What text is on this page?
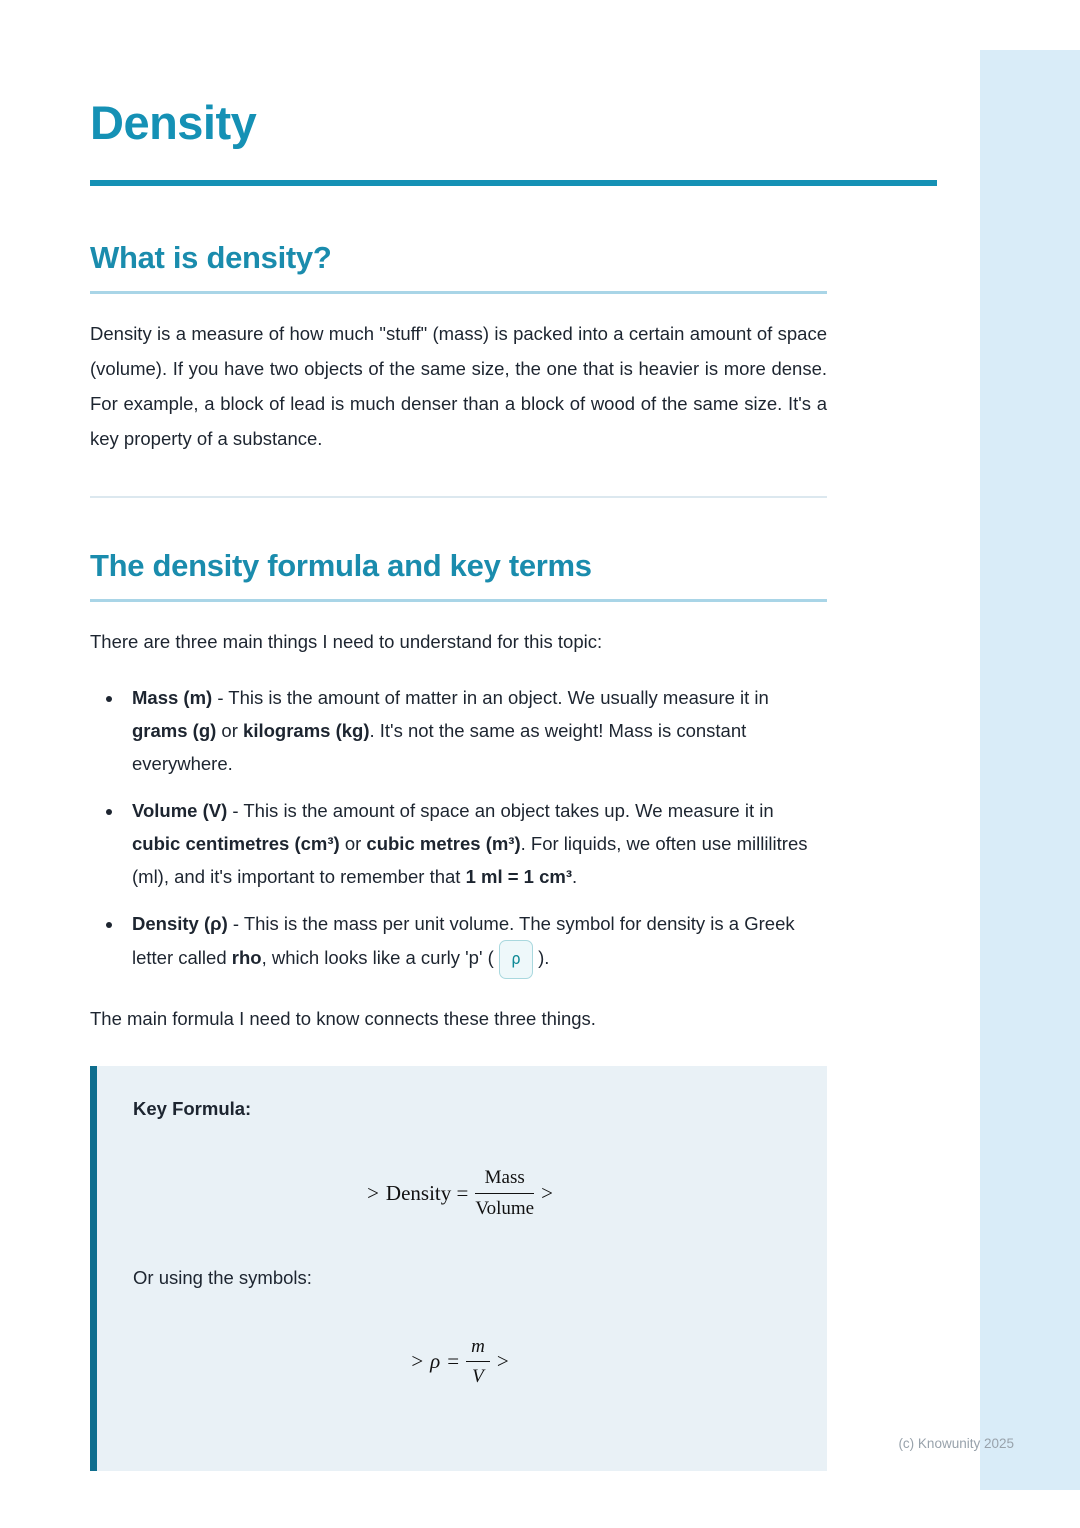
Density
What is density?

Density is a measure of how much "stuff" (mass) is packed into a certain amount of space (volume). If you have two objects of the same size, the one that is heavier is more dense. For example, a block of lead is much denser than a block of wood of the same size. It's a key property of a substance.

The density formula and key terms

There are three main things I need to understand for this topic:

• Mass (m) - This is the amount of matter in an object. We usually measure it in grams (g) or kilograms (kg). It's not the same as weight! Mass is constant everywhere.
• Volume (V) - This is the amount of space an object takes up. We measure it in cubic centimetres (cm³) or cubic metres (m³). For liquids, we often use millilitres (ml), and it's important to remember that 1 ml = 1 cm³.
• Density (ρ) - This is the mass per unit volume. The symbol for density is a Greek letter called rho, which looks like a curly 'p' ( ρ ).

The main formula I need to know connects these three things.

Key Formula:

> Density = $\frac{\text{Mass}}{\text{Volume}}$ >

Or using the symbols:

> $\rho = \frac{m}{V}$ >
(c) Knowunity 2025
